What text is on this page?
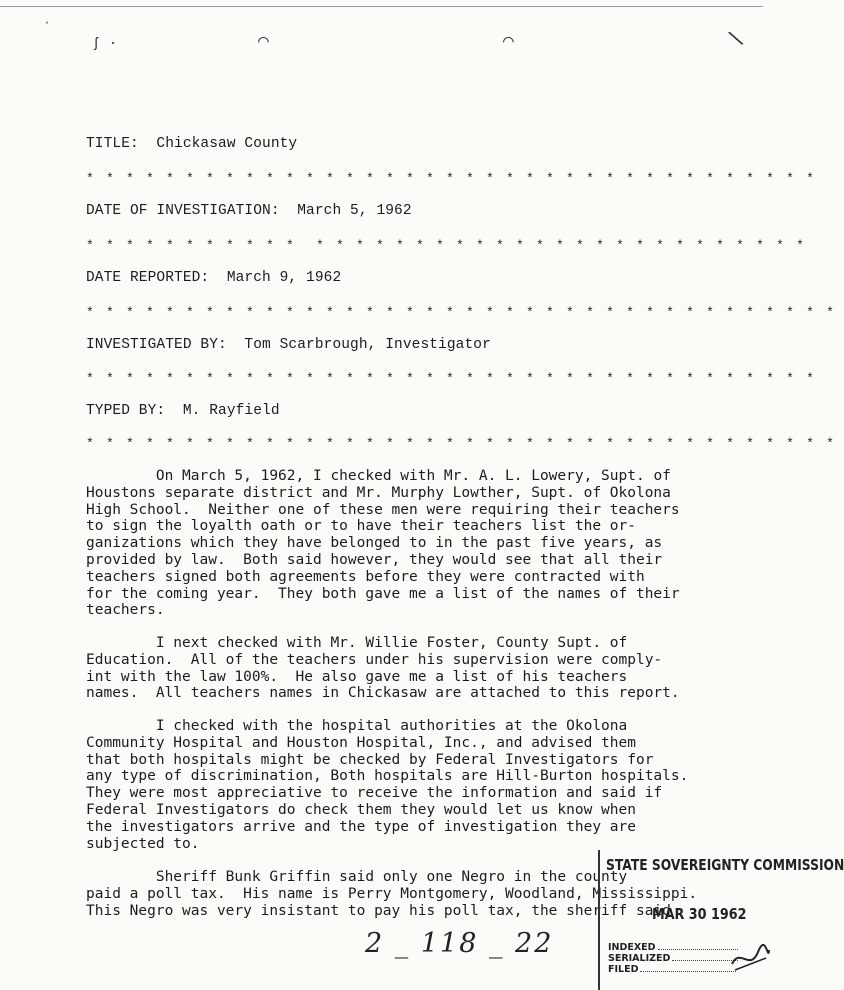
ˊ
ʃ ·	⌒	⌒	\
TITLE:  Chickasaw County
* * * * * * * * * * * * * * * * * * * * * * * * * * * * * * * * * * * * *
DATE OF INVESTIGATION:  March 5, 1962
* * * * * * * * * * *  * * * * * * * * * * * * * * * * * * * * * * * * *
DATE REPORTED:  March 9, 1962
* * * * * * * * * * * * * * * * * * * * * * * * * * * * * * * * * * * * * *
INVESTIGATED BY:  Tom Scarbrough, Investigator
* * * * * * * * * * * * * * * * * * * * * * * * * * * * * * * * * * * * *
TYPED BY:  M. Rayfield
* * * * * * * * * * * * * * * * * * * * * * * * * * * * * * * * * * * * * *
On March 5, 1962, I checked with Mr. A. L. Lowery, Supt. of
Houstons separate district and Mr. Murphy Lowther, Supt. of Okolona
High School.  Neither one of these men were requiring their teachers
to sign the loyalth oath or to have their teachers list the or-
ganizations which they have belonged to in the past five years, as
provided by law.  Both said however, they would see that all their
teachers signed both agreements before they were contracted with
for the coming year.  They both gave me a list of the names of their
teachers.
I next checked with Mr. Willie Foster, County Supt. of
Education.  All of the teachers under his supervision were comply-
int with the law 100%.  He also gave me a list of his teachers
names.  All teachers names in Chickasaw are attached to this report.
I checked with the hospital authorities at the Okolona
Community Hospital and Houston Hospital, Inc., and advised them
that both hospitals might be checked by Federal Investigators for
any type of discrimination, Both hospitals are Hill-Burton hospitals.
They were most appreciative to receive the information and said if
Federal Investigators do check them they would let us know when
the investigators arrive and the type of investigation they are
subjected to.
Sheriff Bunk Griffin said only one Negro in the county
paid a poll tax.  His name is Perry Montgomery, Woodland, Mississippi.
This Negro was very insistant to pay his poll tax, the sheriff said
2 _ 118 _ 22
STATE SOVEREIGNTY COMMISSION
MAR 30 1962
INDEXED
SERIALIZED
FILED
